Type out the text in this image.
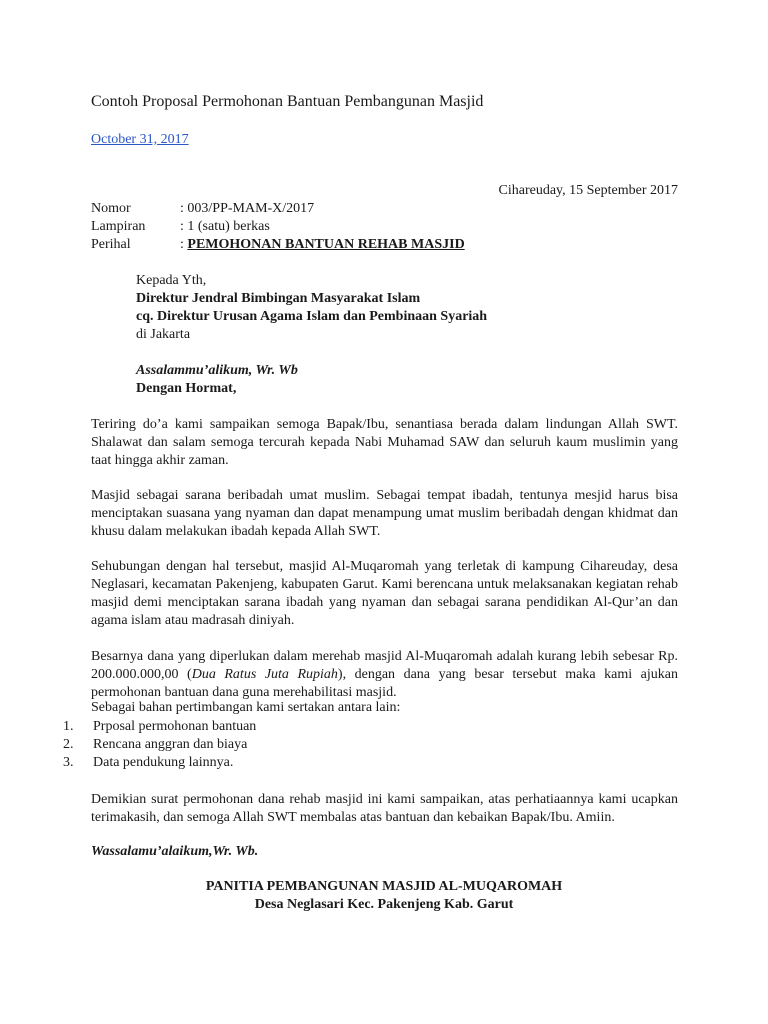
Contoh Proposal Permohonan Bantuan Pembangunan Masjid
October 31, 2017
Cihareuday, 15 September 2017
Nomor	: 003/PP-MAM-X/2017
Lampiran : 1 (satu) berkas
Perihal	: PEMOHONAN BANTUAN REHAB MASJID
Kepada Yth,
Direktur Jendral Bimbingan Masyarakat Islam
cq. Direktur Urusan Agama Islam dan Pembinaan Syariah
di Jakarta
Assalammu’alikum, Wr. Wb
Dengan Hormat,

Teriring do’a kami sampaikan semoga Bapak/Ibu, senantiasa berada dalam lindungan Allah SWT. Shalawat dan salam semoga tercurah kepada Nabi Muhamad SAW dan seluruh kaum muslimin yang taat hingga akhir zaman.

Masjid sebagai sarana beribadah umat muslim. Sebagai tempat ibadah, tentunya mesjid harus bisa menciptakan suasana yang nyaman dan dapat menampung umat muslim beribadah dengan khidmat dan khusu dalam melakukan ibadah kepada Allah SWT.

Sehubungan dengan hal tersebut, masjid Al-Muqaromah yang terletak di kampung Cihareuday, desa Neglasari, kecamatan Pakenjeng, kabupaten Garut. Kami berencana untuk melaksanakan kegiatan rehab masjid demi menciptakan sarana ibadah yang nyaman dan sebagai sarana pendidikan Al-Qur’an dan agama islam atau madrasah diniyah.

Besarnya dana yang diperlukan dalam merehab masjid Al-Muqaromah adalah kurang lebih sebesar Rp. 200.000.000,00 (Dua Ratus Juta Rupiah), dengan dana yang besar tersebut maka kami ajukan permohonan bantuan dana guna merehabilitasi masjid.

Sebagai bahan pertimbangan kami sertakan antara lain:
1. Prposal permohonan bantuan
2. Rencana anggran dan biaya
3. Data pendukung lainnya.

Demikian surat permohonan dana rehab masjid ini kami sampaikan, atas perhatiaannya kami ucapkan terimakasih, dan semoga Allah SWT membalas atas bantuan dan kebaikan Bapak/Ibu. Amiin.

Wassalamu’alaikum,Wr. Wb.
PANITIA PEMBANGUNAN MASJID AL-MUQAROMAH
Desa Neglasari Kec. Pakenjeng Kab. Garut
